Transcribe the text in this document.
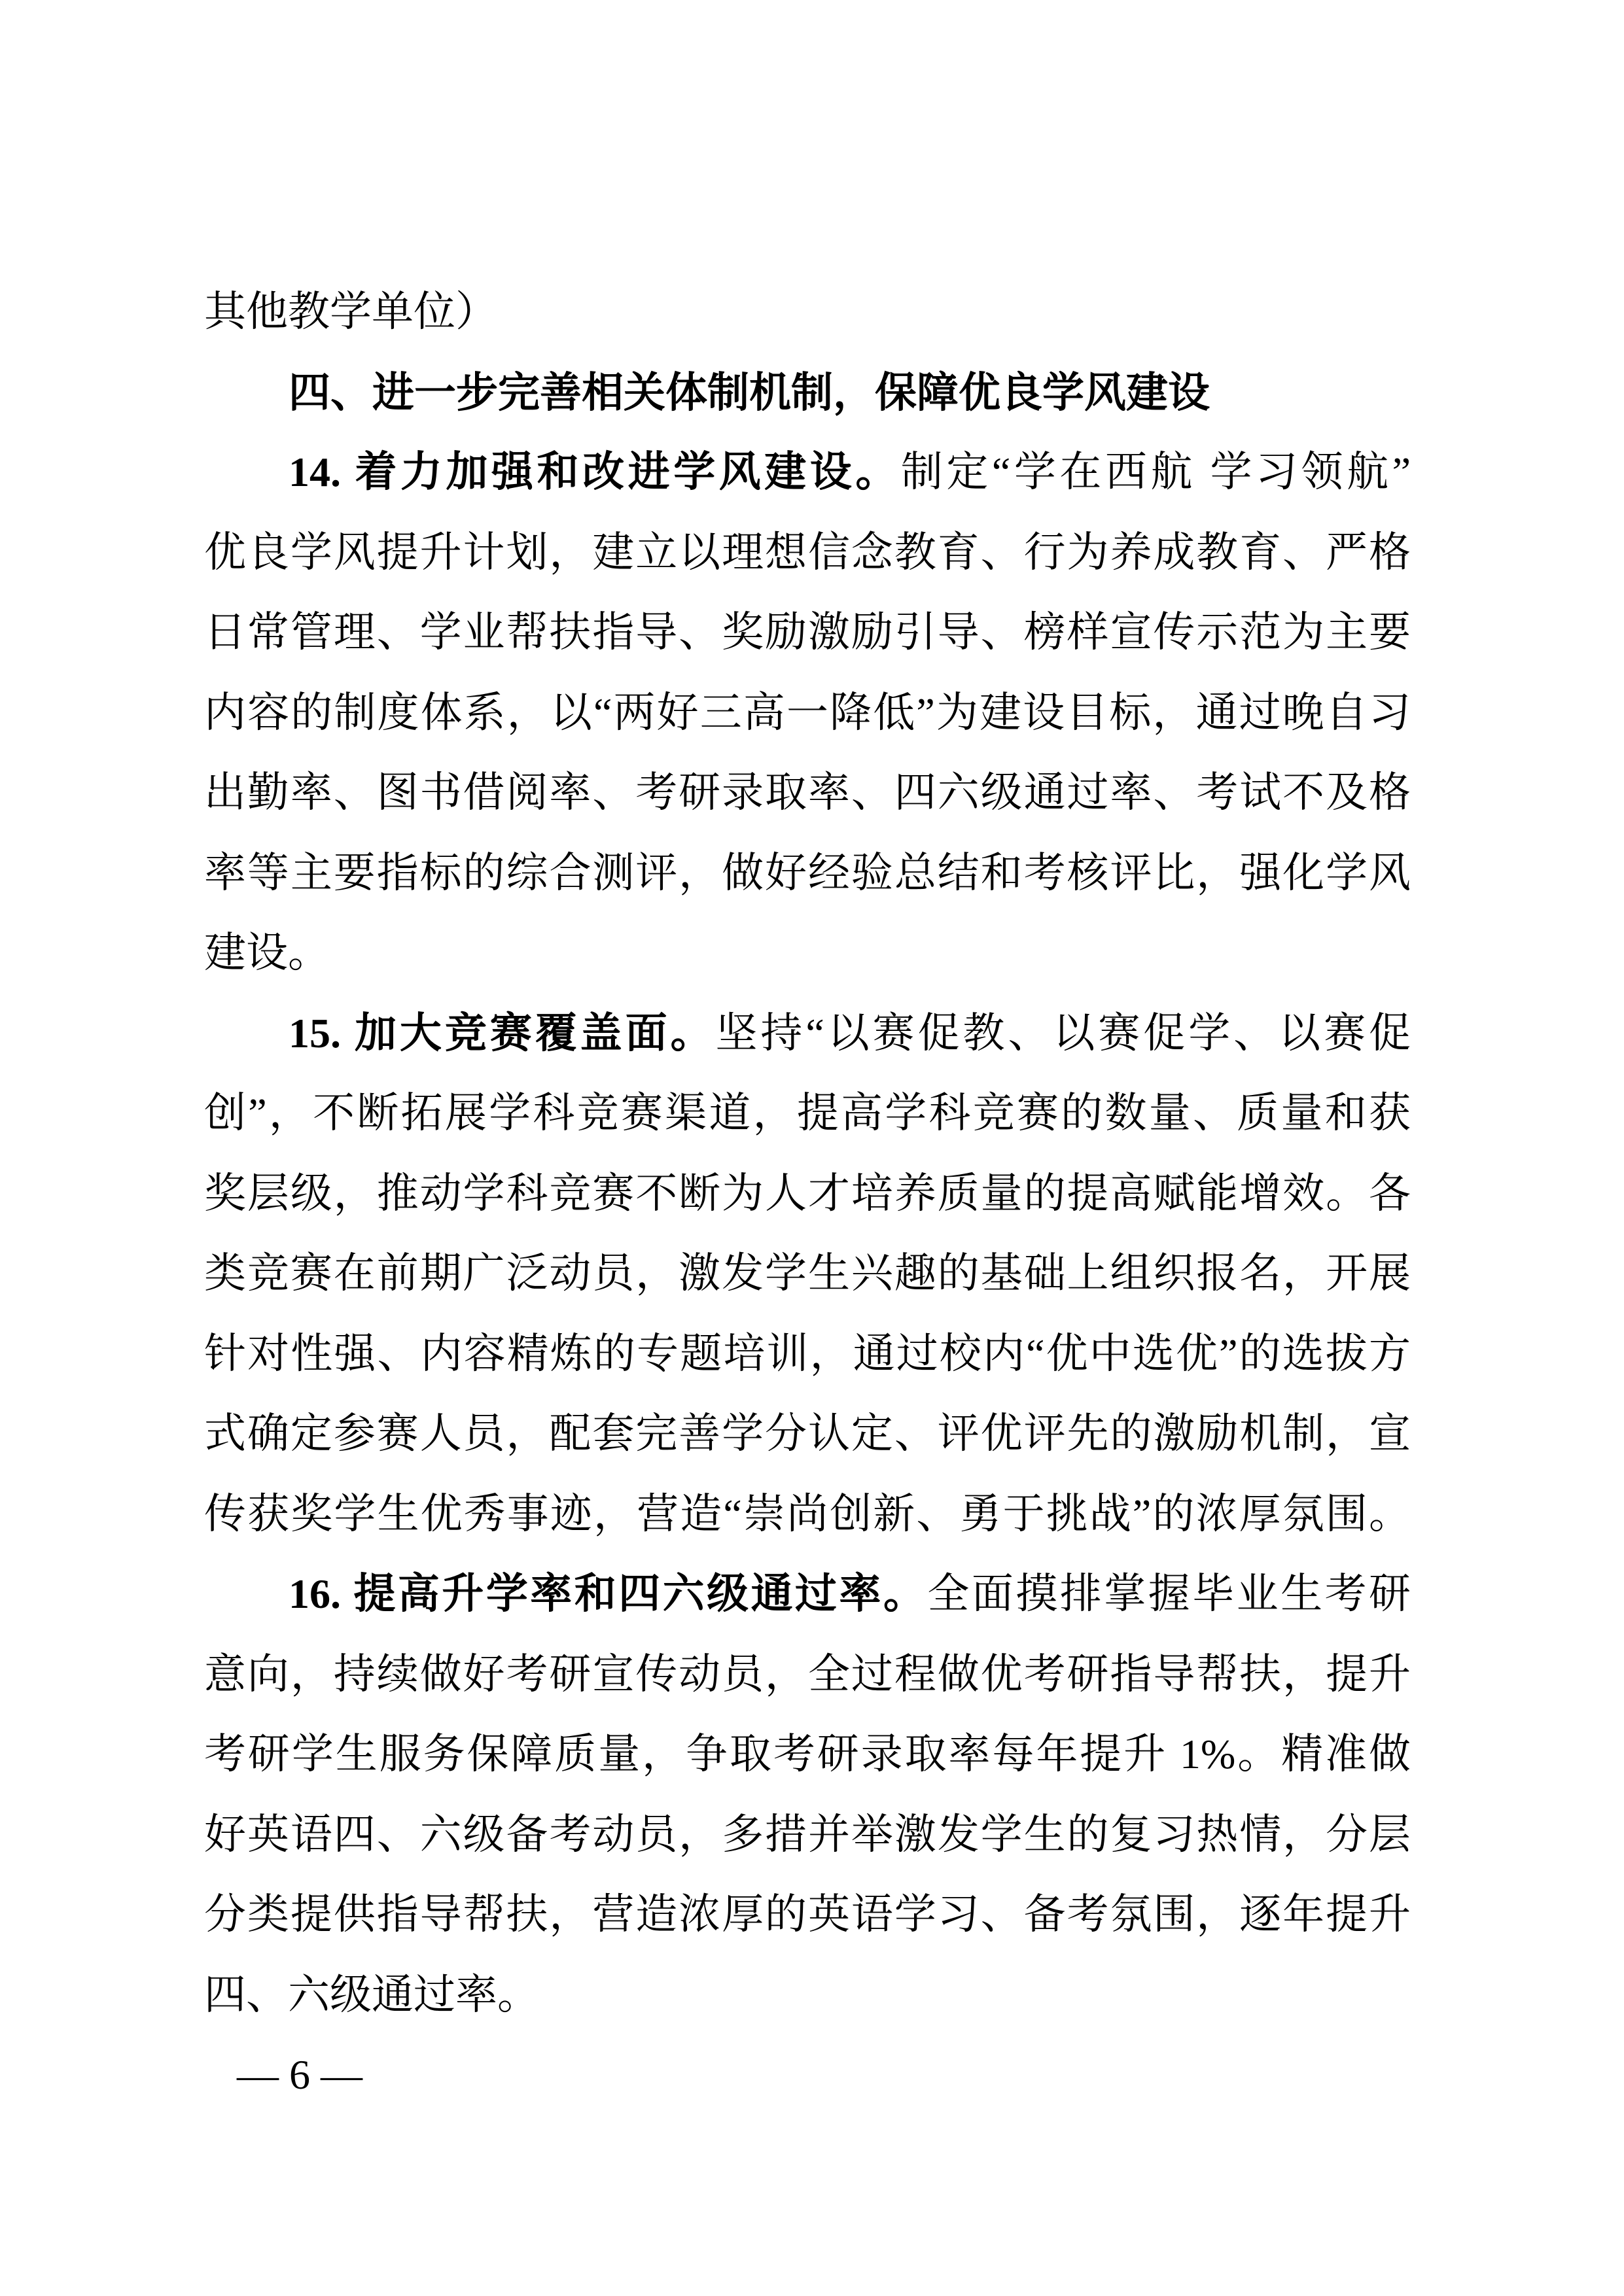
其他教学单位）
四、进一步完善相关体制机制，保障优良学风建设
14. 着力加强和改进学风建设。制定“学在西航 学习领航”
优良学风提升计划，建立以理想信念教育、行为养成教育、严格
日常管理、学业帮扶指导、奖励激励引导、榜样宣传示范为主要
内容的制度体系，以“两好三高一降低”为建设目标，通过晚自习
出勤率、图书借阅率、考研录取率、四六级通过率、考试不及格
率等主要指标的综合测评，做好经验总结和考核评比，强化学风
建设。
15. 加大竞赛覆盖面。坚持“以赛促教、以赛促学、以赛促
创”，不断拓展学科竞赛渠道，提高学科竞赛的数量、质量和获
奖层级，推动学科竞赛不断为人才培养质量的提高赋能增效。各
类竞赛在前期广泛动员，激发学生兴趣的基础上组织报名，开展
针对性强、内容精炼的专题培训，通过校内“优中选优”的选拔方
式确定参赛人员，配套完善学分认定、评优评先的激励机制，宣
传获奖学生优秀事迹，营造“崇尚创新、勇于挑战”的浓厚氛围。
16. 提高升学率和四六级通过率。全面摸排掌握毕业生考研
意向，持续做好考研宣传动员，全过程做优考研指导帮扶，提升
考研学生服务保障质量，争取考研录取率每年提升 1%。精准做
好英语四、六级备考动员，多措并举激发学生的复习热情，分层
分类提供指导帮扶，营造浓厚的英语学习、备考氛围，逐年提升
四、六级通过率。
— 6 —
